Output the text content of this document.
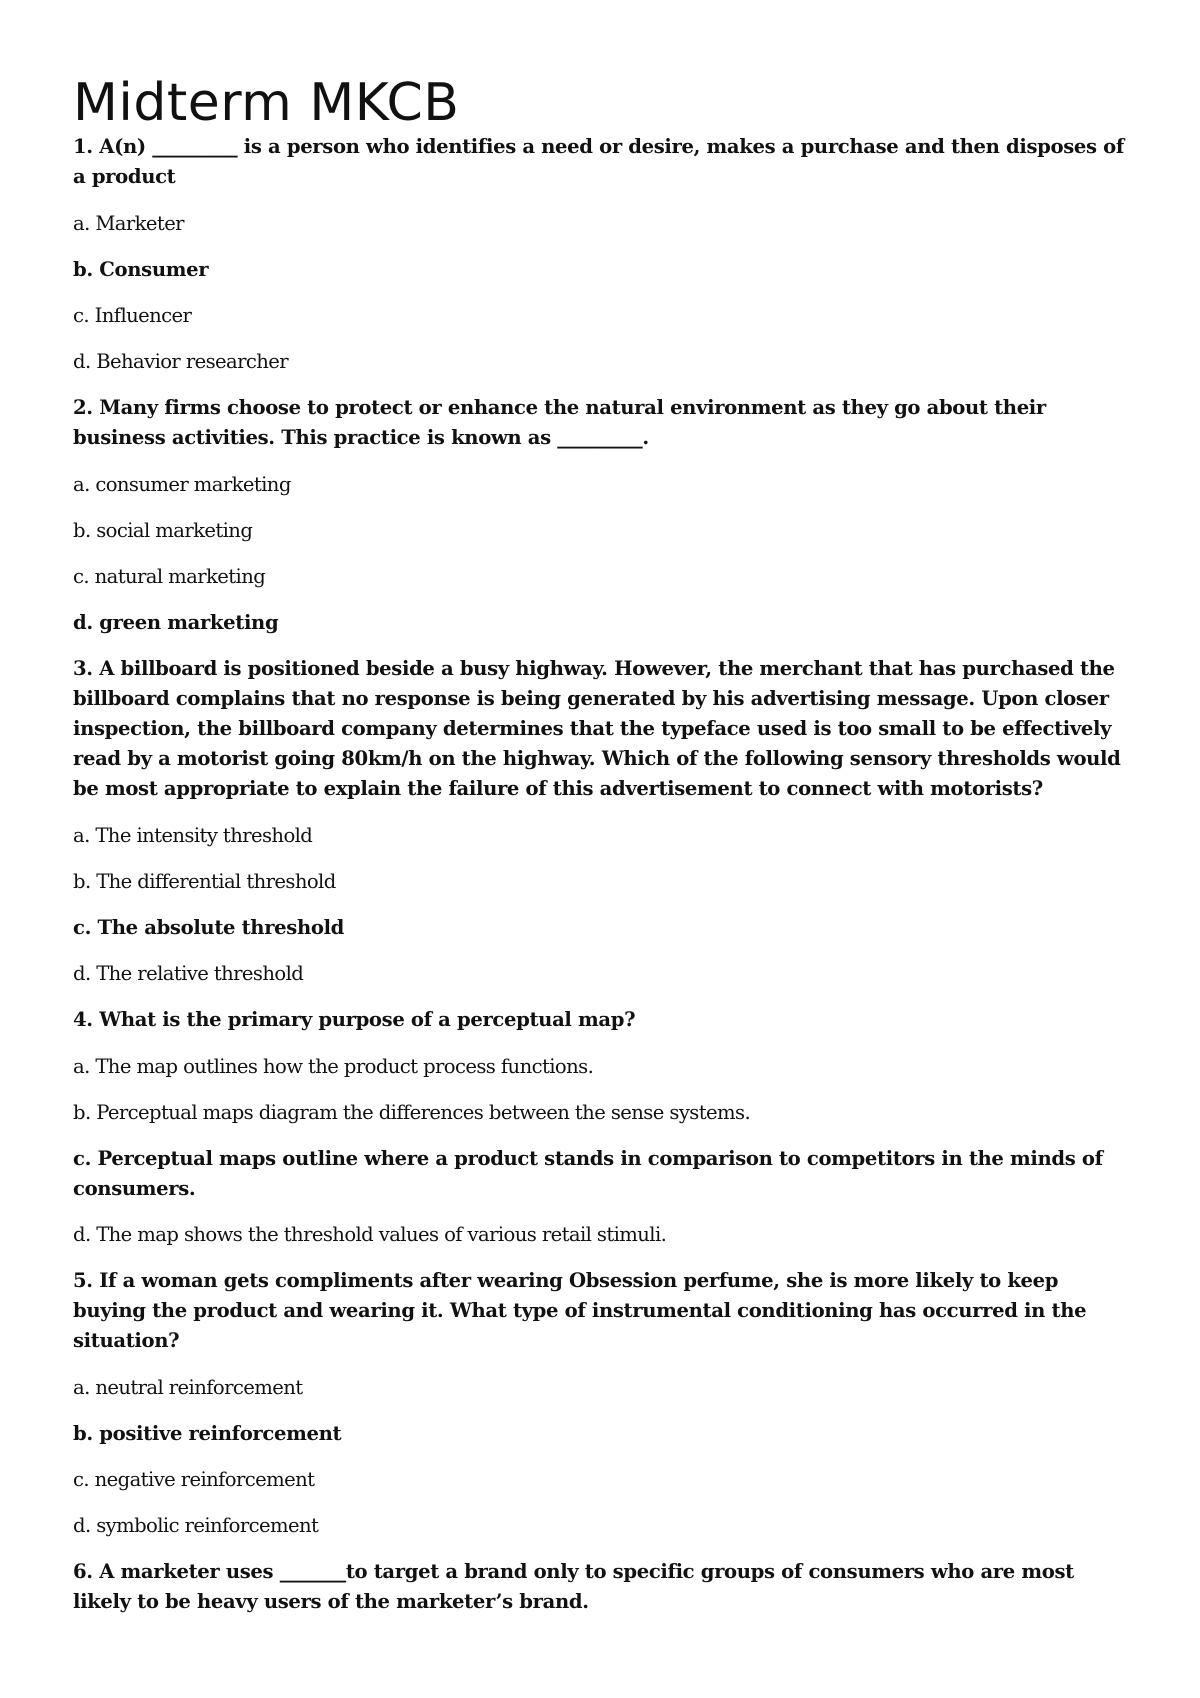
Midterm MKCB

1. A(n) _________ is a person who identifies a need or desire, makes a purchase and then disposes of a product

a. Marketer

b. Consumer

c. Influencer

d. Behavior researcher

2. Many firms choose to protect or enhance the natural environment as they go about their business activities. This practice is known as _________.

a. consumer marketing

b. social marketing

c. natural marketing

d. green marketing

3. A billboard is positioned beside a busy highway. However, the merchant that has purchased the billboard complains that no response is being generated by his advertising message. Upon closer inspection, the billboard company determines that the typeface used is too small to be effectively read by a motorist going 80km/h on the highway. Which of the following sensory thresholds would be most appropriate to explain the failure of this advertisement to connect with motorists?

a. The intensity threshold

b. The differential threshold

c. The absolute threshold

d. The relative threshold

4. What is the primary purpose of a perceptual map?

a. The map outlines how the product process functions.

b. Perceptual maps diagram the differences between the sense systems.

c. Perceptual maps outline where a product stands in comparison to competitors in the minds of consumers.

d. The map shows the threshold values of various retail stimuli.

5. If a woman gets compliments after wearing Obsession perfume, she is more likely to keep buying the product and wearing it. What type of instrumental conditioning has occurred in the situation?

a. neutral reinforcement

b. positive reinforcement

c. negative reinforcement

d. symbolic reinforcement

6. A marketer uses _______to target a brand only to specific groups of consumers who are most likely to be heavy users of the marketer’s brand.
